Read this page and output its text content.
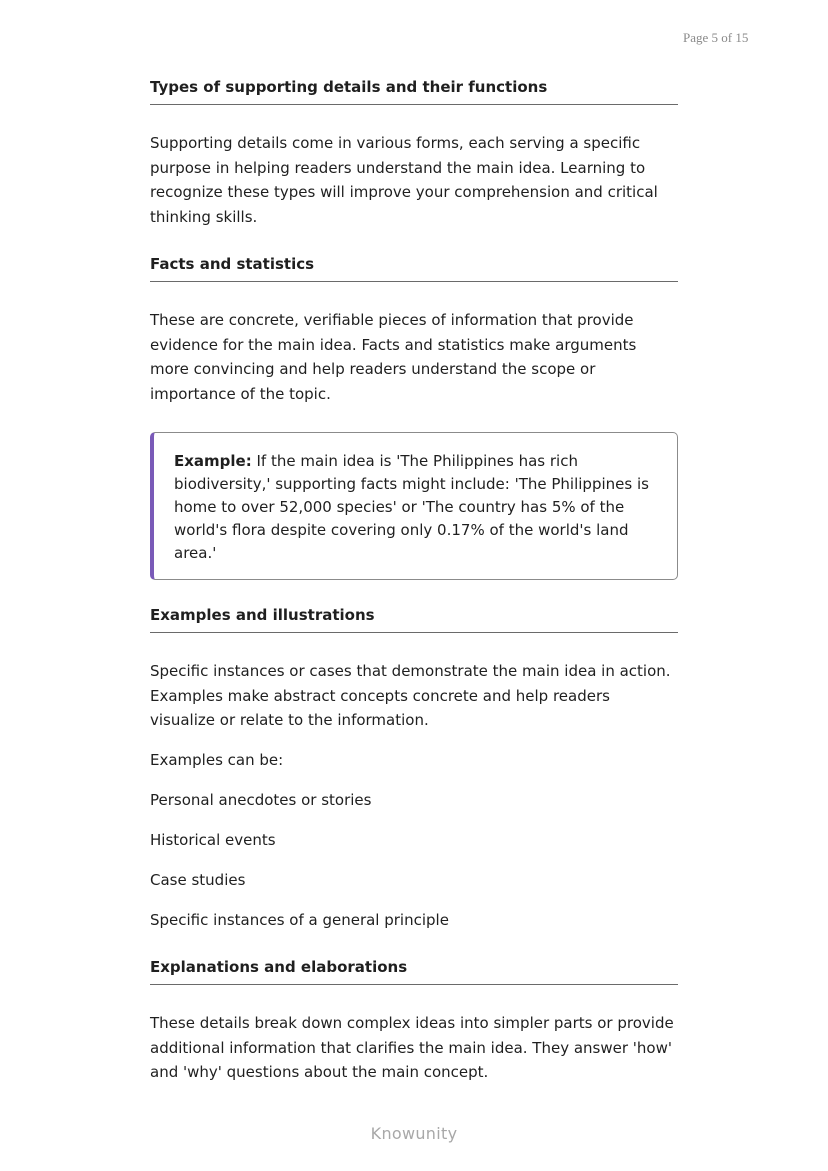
Page 5 of 15
Types of supporting details and their functions

Supporting details come in various forms, each serving a specific purpose in helping readers understand the main idea. Learning to recognize these types will improve your comprehension and critical thinking skills.

Facts and statistics

These are concrete, verifiable pieces of information that provide evidence for the main idea. Facts and statistics make arguments more convincing and help readers understand the scope or importance of the topic.

Example: If the main idea is 'The Philippines has rich biodiversity,' supporting facts might include: 'The Philippines is home to over 52,000 species' or 'The country has 5% of the world's flora despite covering only 0.17% of the world's land area.'
Examples and illustrations

Specific instances or cases that demonstrate the main idea in action. Examples make abstract concepts concrete and help readers visualize or relate to the information.

Examples can be:

Personal anecdotes or stories
Historical events
Case studies
Specific instances of a general principle
Explanations and elaborations

These details break down complex ideas into simpler parts or provide additional information that clarifies the main idea. They answer 'how' and 'why' questions about the main concept.

Knowunity
